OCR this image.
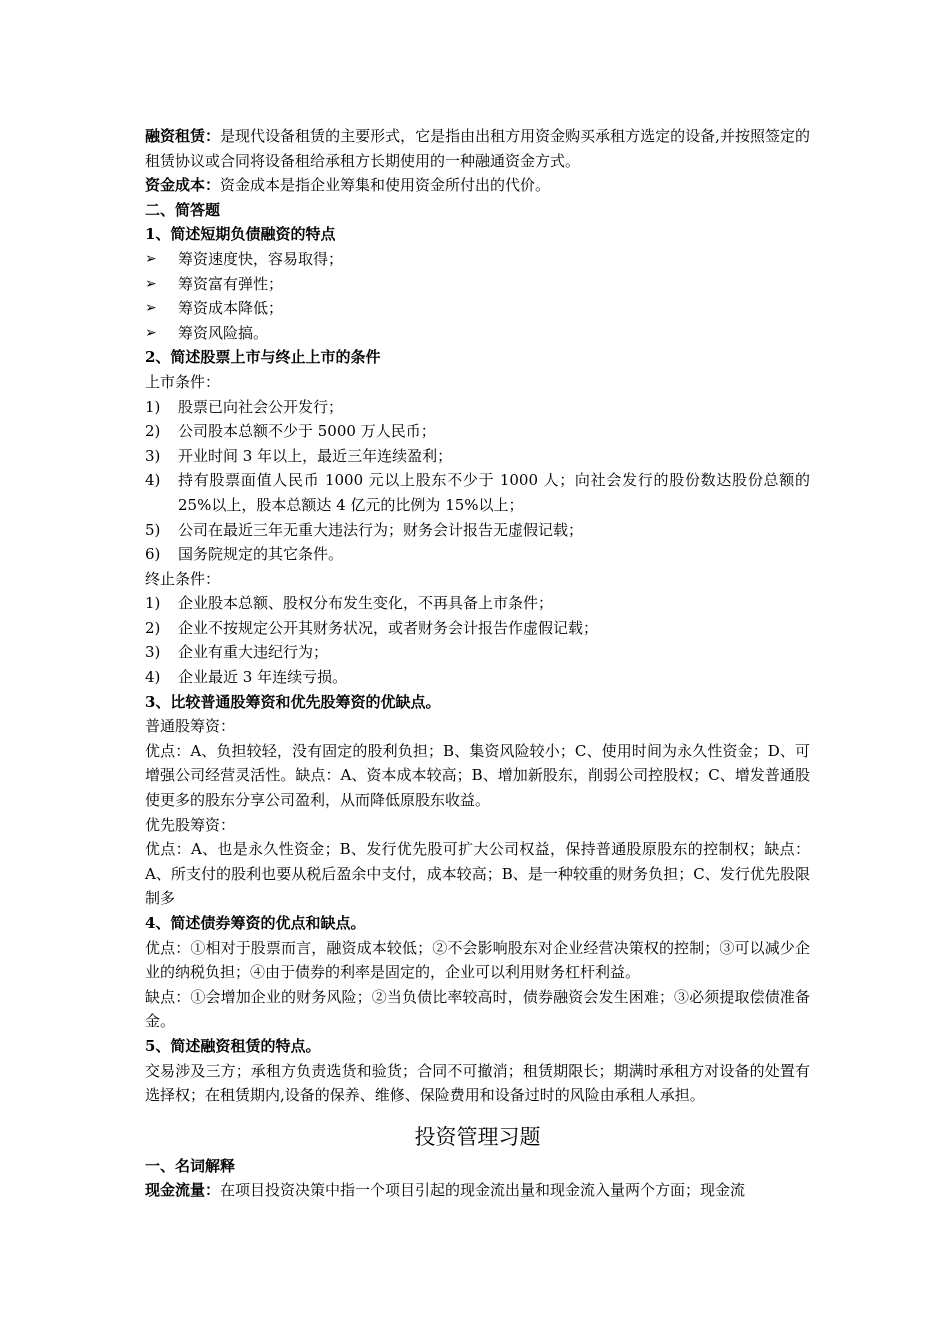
融资租赁：是现代设备租赁的主要形式，它是指由出租方用资金购买承租方选定的设备,并按照签定的租赁协议或合同将设备租给承租方长期使用的一种融通资金方式。

资金成本：资金成本是指企业筹集和使用资金所付出的代价。

二、简答题

1、简述短期负债融资的特点

➢	筹资速度快，容易取得；
➢	筹资富有弹性；
➢	筹资成本降低；
➢	筹资风险搞。

2、简述股票上市与终止上市的条件

上市条件：

1)	股票已向社会公开发行；
2)	公司股本总额不少于 5000 万人民币；
3)	开业时间 3 年以上，最近三年连续盈利；
4)	持有股票面值人民币 1000 元以上股东不少于 1000 人；向社会发行的股份数达股份总额的 25%以上，股本总额达 4 亿元的比例为 15%以上；
5)	公司在最近三年无重大违法行为；财务会计报告无虚假记载；
6)	国务院规定的其它条件。

终止条件：

1)	企业股本总额、股权分布发生变化，不再具备上市条件；
2)	企业不按规定公开其财务状况，或者财务会计报告作虚假记载；
3)	企业有重大违纪行为；
4)	企业最近 3 年连续亏损。

3、比较普通股筹资和优先股筹资的优缺点。

普通股筹资：

优点：A、负担较轻，没有固定的股利负担；B、集资风险较小；C、使用时间为永久性资金；D、可增强公司经营灵活性。缺点：A、资本成本较高；B、增加新股东，削弱公司控股权；C、增发普通股使更多的股东分享公司盈利，从而降低原股东收益。

优先股筹资：

优点：A、也是永久性资金；B、发行优先股可扩大公司权益，保持普通股原股东的控制权；缺点：A、所支付的股利也要从税后盈余中支付，成本较高；B、是一种较重的财务负担；C、发行优先股限制多

4、简述债券筹资的优点和缺点。

优点：①相对于股票而言，融资成本较低；②不会影响股东对企业经营决策权的控制；③可以减少企业的纳税负担；④由于债券的利率是固定的，企业可以利用财务杠杆利益。

缺点：①会增加企业的财务风险；②当负债比率较高时，债券融资会发生困难；③必须提取偿债准备金。

5、简述融资租赁的特点。

交易涉及三方；承租方负责选货和验货；合同不可撤消；租赁期限长；期满时承租方对设备的处置有选择权；在租赁期内,设备的保养、维修、保险费用和设备过时的风险由承租人承担。

投资管理习题

一、名词解释

现金流量：在项目投资决策中指一个项目引起的现金流出量和现金流入量两个方面；现金流
